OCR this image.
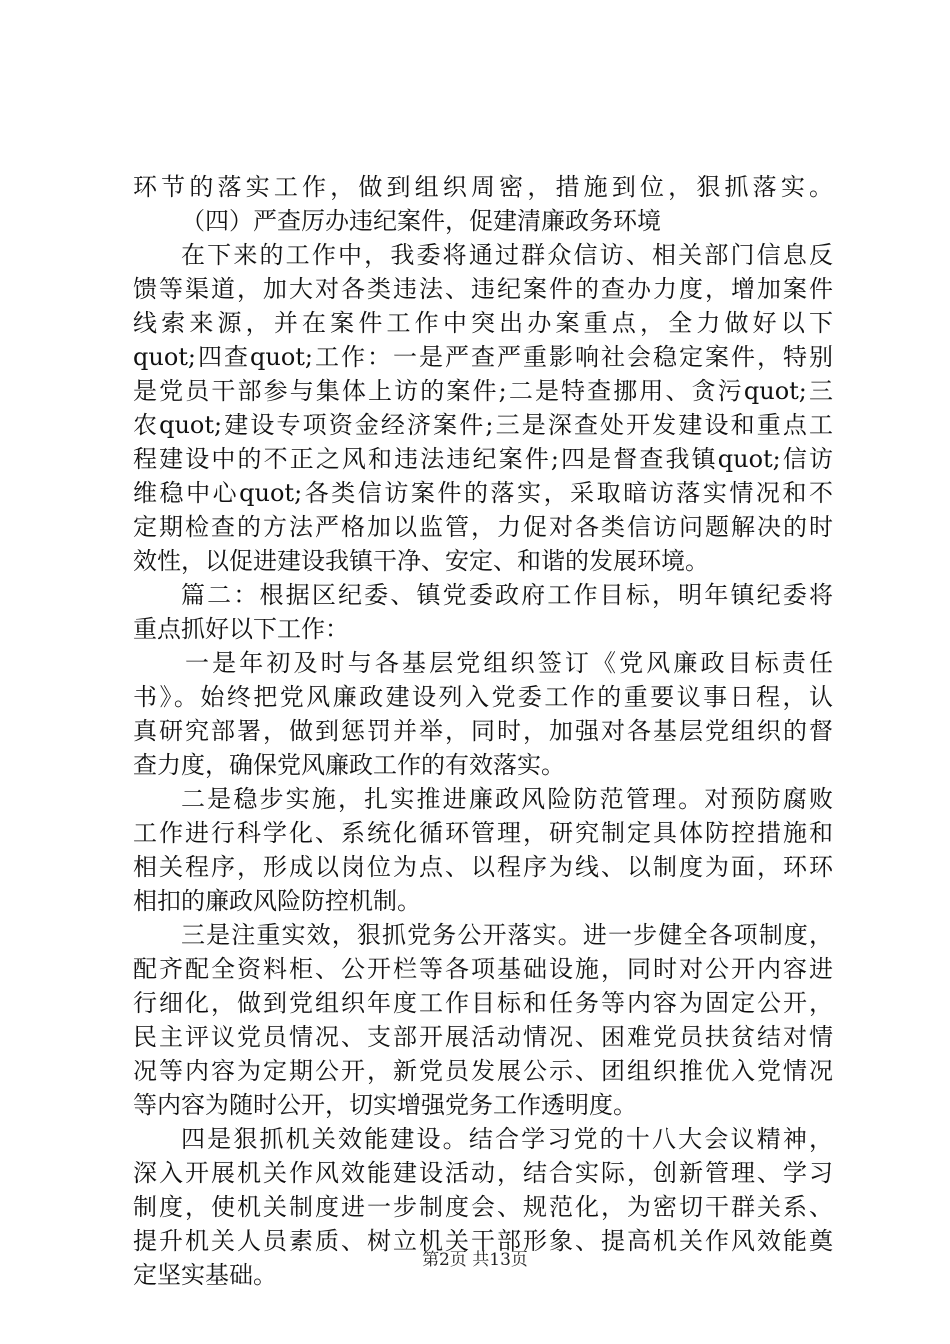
环节的落实工作，做到组织周密，措施到位，狠抓落实。
（四）严查厉办违纪案件，促建清廉政务环境
在下来的工作中，我委将通过群众信访、相关部门信息反
馈等渠道，加大对各类违法、违纪案件的查办力度，增加案件
线索来源，并在案件工作中突出办案重点，全力做好以下
quot;四查quot;工作：一是严查严重影响社会稳定案件，特别
是党员干部参与集体上访的案件;二是特查挪用、贪污quot;三
农quot;建设专项资金经济案件;三是深查处开发建设和重点工
程建设中的不正之风和违法违纪案件;四是督查我镇quot;信访
维稳中心quot;各类信访案件的落实，采取暗访落实情况和不
定期检查的方法严格加以监管，力促对各类信访问题解决的时
效性，以促进建设我镇干净、安定、和谐的发展环境。
篇二：根据区纪委、镇党委政府工作目标，明年镇纪委将
重点抓好以下工作：
一是年初及时与各基层党组织签订《党风廉政目标责任
书》。始终把党风廉政建设列入党委工作的重要议事日程，认
真研究部署，做到惩罚并举，同时，加强对各基层党组织的督
查力度，确保党风廉政工作的有效落实。
二是稳步实施，扎实推进廉政风险防范管理。对预防腐败
工作进行科学化、系统化循环管理，研究制定具体防控措施和
相关程序，形成以岗位为点、以程序为线、以制度为面，环环
相扣的廉政风险防控机制。
三是注重实效，狠抓党务公开落实。进一步健全各项制度，
配齐配全资料柜、公开栏等各项基础设施，同时对公开内容进
行细化，做到党组织年度工作目标和任务等内容为固定公开，
民主评议党员情况、支部开展活动情况、困难党员扶贫结对情
况等内容为定期公开，新党员发展公示、团组织推优入党情况
等内容为随时公开，切实增强党务工作透明度。
四是狠抓机关效能建设。结合学习党的十八大会议精神，
深入开展机关作风效能建设活动，结合实际，创新管理、学习
制度，使机关制度进一步制度会、规范化，为密切干群关系、
提升机关人员素质、树立机关干部形象、提高机关作风效能奠
定坚实基础。
第2页 共13页
